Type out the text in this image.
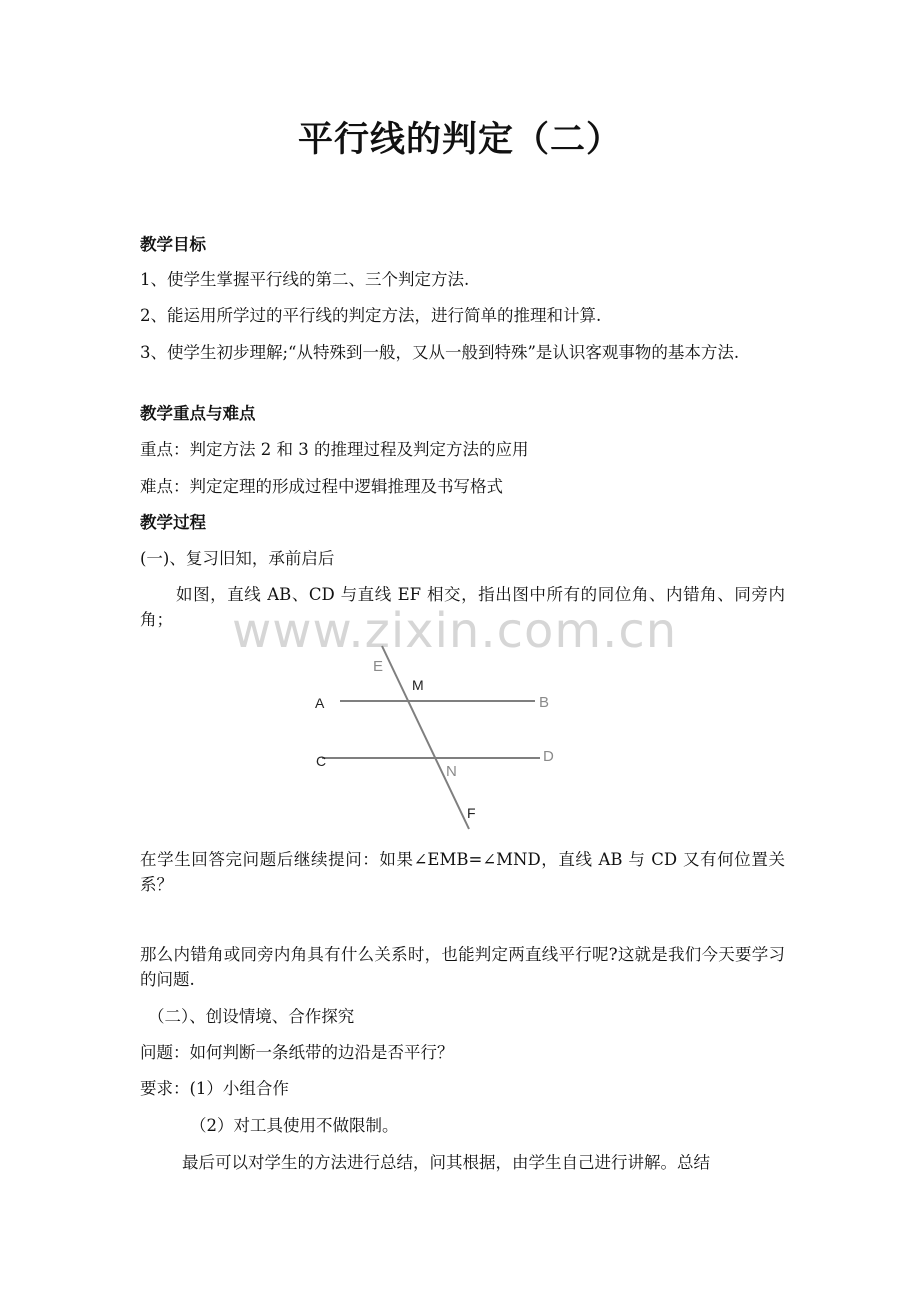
平行线的判定（二）
教学目标
1、使学生掌握平行线的第二、三个判定方法.
2、能运用所学过的平行线的判定方法，进行简单的推理和计算.
3、使学生初步理解;“从特殊到一般，又从一般到特殊”是认识客观事物的基本方法.
教学重点与难点
重点：判定方法 2 和 3 的推理过程及判定方法的应用
难点：判定定理的形成过程中逻辑推理及书写格式
教学过程
(一)、复习旧知，承前启后
如图，直线 AB、CD 与直线 EF 相交，指出图中所有的同位角、内错角、同旁内角；	www.zixin.com.cn
E
M
A	B
C	D
N
F
在学生回答完问题后继续提问：如果∠EMB=∠MND，直线 AB 与 CD 又有何位置关系？
那么内错角或同旁内角具有什么关系时，也能判定两直线平行呢?这就是我们今天要学习的问题.
（二）、创设情境、合作探究
问题：如何判断一条纸带的边沿是否平行？
要求：(1）小组合作
（2）对工具使用不做限制。
最后可以对学生的方法进行总结，问其根据，由学生自己进行讲解。总结
